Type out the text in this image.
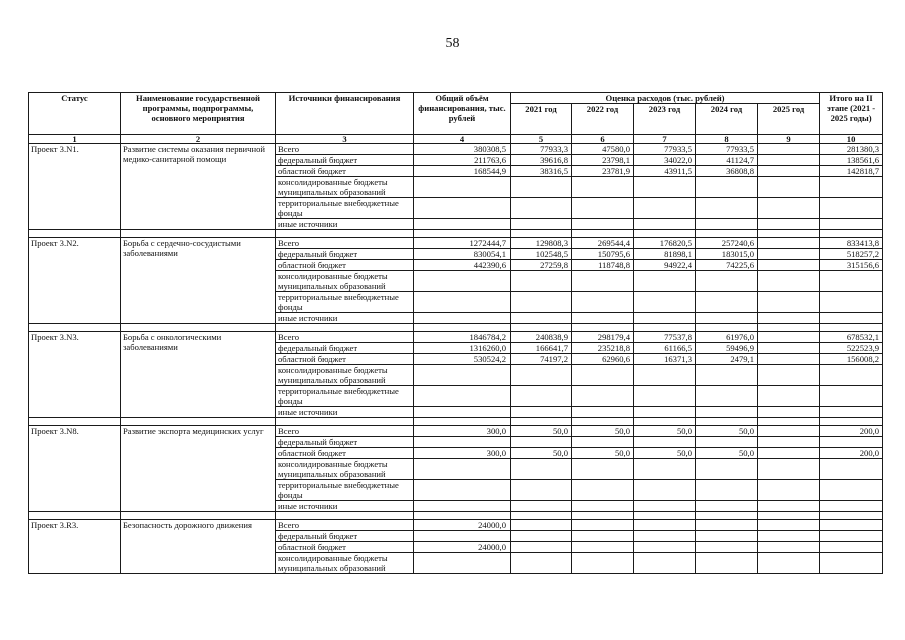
58
Статус	Наименование государственной программы, подпрограммы, основного мероприятия	Источники финансирования	Общий объём финансирования, тыс. рублей	Оценка расходов (тыс. рублей)					Итого на II этапе (2021 - 2025 годы)
				2021 год	2022 год	2023 год	2024 год	2025 год	
1	2	3	4	5	6	7	8	9	10
Проект 3.N1.	Развитие системы оказания первичной медико-санитарной помощи	Всего	380308,5	77933,3	47580,0	77933,5	77933,5		281380,3
		федеральный бюджет	211763,6	39616,8	23798,1	34022,0	41124,7		138561,6
		областной бюджет	168544,9	38316,5	23781,9	43911,5	36808,8		142818,7
		консолидированные бюджеты муниципальных образований							
		территориальные внебюджетные фонды							
		иные источники							

Проект 3.N2.	Борьба с сердечно-сосудистыми заболеваниями	Всего	1272444,7	129808,3	269544,4	176820,5	257240,6		833413,8
		федеральный бюджет	830054,1	102548,5	150795,6	81898,1	183015,0		518257,2
		областной бюджет	442390,6	27259,8	118748,8	94922,4	74225,6		315156,6
		консолидированные бюджеты муниципальных образований							
		территориальные внебюджетные фонды							
		иные источники							

Проект 3.N3.	Борьба с онкологическими заболеваниями	Всего	1846784,2	240838,9	298179,4	77537,8	61976,0		678532,1
		федеральный бюджет	1316260,0	166641,7	235218,8	61166,5	59496,9		522523,9
		областной бюджет	530524,2	74197,2	62960,6	16371,3	2479,1		156008,2
		консолидированные бюджеты муниципальных образований							
		территориальные внебюджетные фонды							
		иные источники							

Проект 3.N8.	Развитие экспорта медицинских услуг	Всего	300,0	50,0	50,0	50,0	50,0		200,0
		федеральный бюджет							
		областной бюджет	300,0	50,0	50,0	50,0	50,0		200,0
		консолидированные бюджеты муниципальных образований							
		территориальные внебюджетные фонды							
		иные источники							

Проект 3.R3.	Безопасность дорожного движения	Всего	24000,0						
		федеральный бюджет							
		областной бюджет	24000,0						
		консолидированные бюджеты муниципальных образований							
